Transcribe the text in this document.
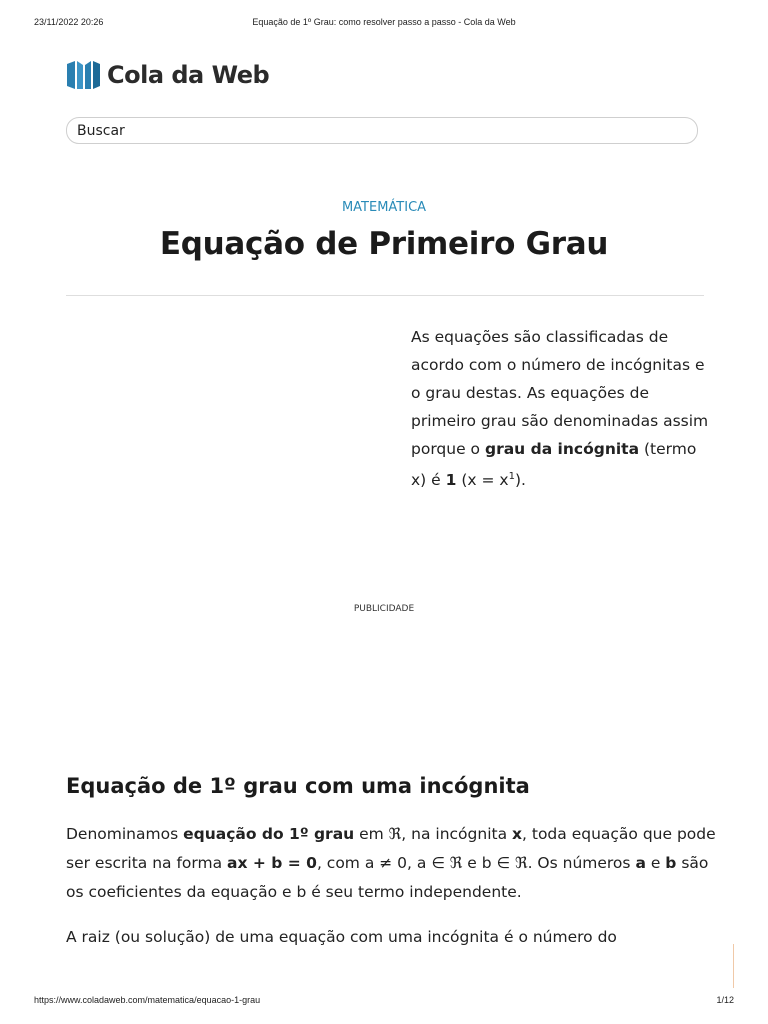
23/11/2022 20:26	Equação de 1º Grau: como resolver passo a passo - Cola da Web
Cola da Web
Buscar
MATEMÁTICA
Equação de Primeiro Grau

As equações são classificadas de acordo com o número de incógnitas e o grau destas. As equações de primeiro grau são denominadas assim porque o grau da incógnita (termo x) é 1 $(x = x^1)$.

PUBLICIDADE
Equação de 1º grau com uma incógnita

Denominamos equação do 1º grau em ℜ, na incógnita x, toda equação que pode ser escrita na forma ax + b = 0, com a ≠ 0, a ∈ ℜ e b ∈ ℜ. Os números a e b são os coeficientes da equação e b é seu termo independente.

A raiz (ou solução) de uma equação com uma incógnita é o número do

https://www.coladaweb.com/matematica/equacao-1-grau	1/12
